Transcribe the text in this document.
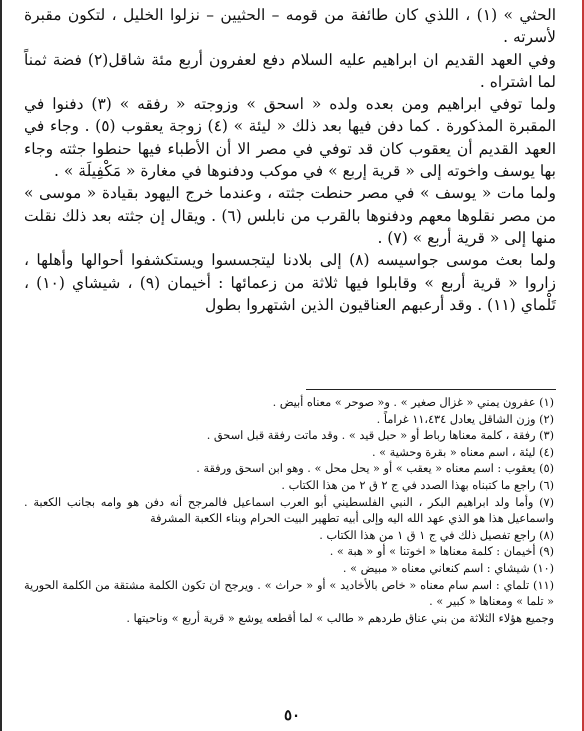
الحثي » (١) ، اللذي كان طائفة من قومه – الحثيين – نزلوا الخليل ، لتكون مقبرة لأسرته .

وفي العهد القديم ان ابراهيم عليه السلام دفع لعفرون أربع مئة شاقل(٢) فضة ثمناً لما اشتراه .

ولما توفي ابراهيم ومن بعده ولده « اسحق » وزوجته « رفقه » (٣) دفنوا في المقبرة المذكورة . كما دفن فيها بعد ذلك « ليئة » (٤) زوجة يعقوب (٥) . وجاء في العهد القديم أن يعقوب كان قد توفي في مصر الا أن الأطباء فيها حنطوا جثته وجاء بها يوسف واخوته إلى « قرية إربع » في موكب ودفنوها في مغارة « مَكْفِيلَة » .

ولما مات « يوسف » في مصر حنطت جثته ، وعندما خرج اليهود بقيادة « موسى » من مصر نقلوها معهم ودفنوها بالقرب من نابلس (٦) . ويقال إن جثته بعد ذلك نقلت منها إلى « قرية أربع » (٧) .

ولما بعث موسى جواسيسه (٨) إلى بلادنا ليتجسسوا ويستكشفوا أحوالها وأهلها ، زاروا « قرية أربع » وقابلوا فيها ثلاثة من زعمائها : أخيمان (٩) ، شيشاي (١٠) ، تَلْماي (١١) . وقد أرعبهم العناقيون الذين اشتهروا بطول

(١) عفرون يمني « غزال صغير » . و« صوحر » معناه أبيض .

(٢) وزن الشاقل يعادل ١١،٤٣٤ غراماً .

(٣) رفقة ، كلمة معناها رباط أو « حبل قيد » . وقد ماتت رفقة قبل اسحق .

(٤) ليئة ، اسم معناه « بقرة وحشية » .

(٥) يعقوب : اسم معناه « يعقب » أو « يحل محل » . وهو ابن اسحق ورفقة .

(٦) راجع ما كتبناه بهذا الصدد في ج ٢ ق ٢ من هذا الكتاب .

(٧) وأما ولد ابراهيم البكر ، النبي الفلسطيني أبو العرب اسماعيل فالمرجح أنه دفن هو وامه بجانب الكعبة . واسماعيل هذا هو الذي عهد الله اليه وإلى أبيه تطهير البيت الحرام وبناء الكعبة المشرفة

(٨) راجع تفصيل ذلك في ج ١ ق ١ من هذا الكتاب .

(٩) أخيمان : كلمة معناها « اخوتنا » أو « هبة » .

(١٠) شيشاي : اسم كنعاني معناه « مبيض » .

(١١) تلماي : اسم سام معناه « خاص بالأخاديد » أو « حراث » . ويرجح ان تكون الكلمة مشتقة من الكلمة الحورية « تلما » ومعناها « كبير » .

وجميع هؤلاء الثلاثة من بني عناق طردهم « طالب » لما أقطعه يوشع « قرية أربع » وناحيتها .

٥٠
